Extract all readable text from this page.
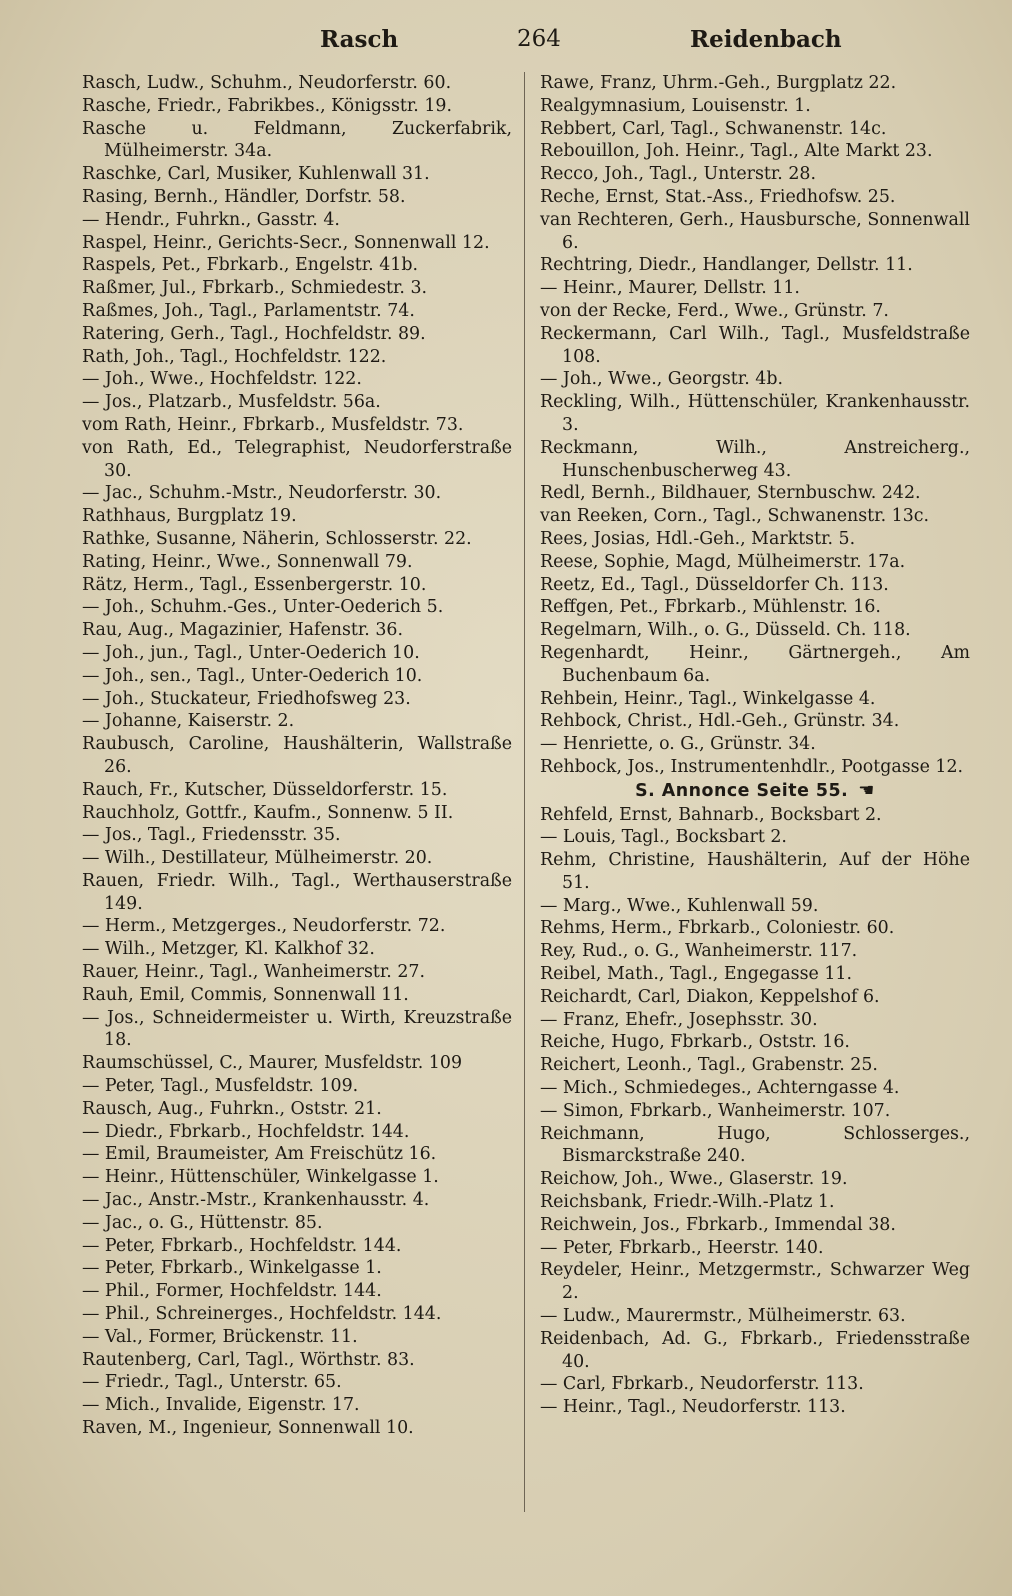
Rasch	264	Reidenbach

Rasch, Ludw., Schuhm., Neudorferstr. 60.

Rasche, Friedr., Fabrikbes., Königsstr. 19.

Rasche u. Feldmann, Zuckerfabrik, Mülheimerstr. 34a.

Raschke, Carl, Musiker, Kuhlenwall 31.

Rasing, Bernh., Händler, Dorfstr. 58.

— Hendr., Fuhrkn., Gasstr. 4.

Raspel, Heinr., Gerichts-Secr., Sonnenwall 12.

Raspels, Pet., Fbrkarb., Engelstr. 41b.

Raßmer, Jul., Fbrkarb., Schmiedestr. 3.

Raßmes, Joh., Tagl., Parlamentstr. 74.

Ratering, Gerh., Tagl., Hochfeldstr. 89.

Rath, Joh., Tagl., Hochfeldstr. 122.

— Joh., Wwe., Hochfeldstr. 122.

— Jos., Platzarb., Musfeldstr. 56a.

vom Rath, Heinr., Fbrkarb., Musfeldstr. 73.

von Rath, Ed., Telegraphist, Neudorferstraße 30.

— Jac., Schuhm.-Mstr., Neudorferstr. 30.

Rathhaus, Burgplatz 19.

Rathke, Susanne, Näherin, Schlosserstr. 22.

Rating, Heinr., Wwe., Sonnenwall 79.

Rätz, Herm., Tagl., Essenbergerstr. 10.

— Joh., Schuhm.-Ges., Unter-Oederich 5.

Rau, Aug., Magazinier, Hafenstr. 36.

— Joh., jun., Tagl., Unter-Oederich 10.

— Joh., sen., Tagl., Unter-Oederich 10.

— Joh., Stuckateur, Friedhofsweg 23.

— Johanne, Kaiserstr. 2.

Raubusch, Caroline, Haushälterin, Wallstraße 26.

Rauch, Fr., Kutscher, Düsseldorferstr. 15.

Rauchholz, Gottfr., Kaufm., Sonnenw. 5 II.

— Jos., Tagl., Friedensstr. 35.

— Wilh., Destillateur, Mülheimerstr. 20.

Rauen, Friedr. Wilh., Tagl., Werthauserstraße 149.

— Herm., Metzgerges., Neudorferstr. 72.

— Wilh., Metzger, Kl. Kalkhof 32.

Rauer, Heinr., Tagl., Wanheimerstr. 27.

Rauh, Emil, Commis, Sonnenwall 11.

— Jos., Schneidermeister u. Wirth, Kreuzstraße 18.

Raumschüssel, C., Maurer, Musfeldstr. 109

— Peter, Tagl., Musfeldstr. 109.

Rausch, Aug., Fuhrkn., Oststr. 21.

— Diedr., Fbrkarb., Hochfeldstr. 144.

— Emil, Braumeister, Am Freischütz 16.

— Heinr., Hüttenschüler, Winkelgasse 1.

— Jac., Anstr.-Mstr., Krankenhausstr. 4.

— Jac., o. G., Hüttenstr. 85.

— Peter, Fbrkarb., Hochfeldstr. 144.

— Peter, Fbrkarb., Winkelgasse 1.

— Phil., Former, Hochfeldstr. 144.

— Phil., Schreinerges., Hochfeldstr. 144.

— Val., Former, Brückenstr. 11.

Rautenberg, Carl, Tagl., Wörthstr. 83.

— Friedr., Tagl., Unterstr. 65.

— Mich., Invalide, Eigenstr. 17.

Raven, M., Ingenieur, Sonnenwall 10.

Rawe, Franz, Uhrm.-Geh., Burgplatz 22.

Realgymnasium, Louisenstr. 1.

Rebbert, Carl, Tagl., Schwanenstr. 14c.

Rebouillon, Joh. Heinr., Tagl., Alte Markt 23.

Recco, Joh., Tagl., Unterstr. 28.

Reche, Ernst, Stat.-Ass., Friedhofsw. 25.

van Rechteren, Gerh., Hausbursche, Sonnenwall 6.

Rechtring, Diedr., Handlanger, Dellstr. 11.

— Heinr., Maurer, Dellstr. 11.

von der Recke, Ferd., Wwe., Grünstr. 7.

Reckermann, Carl Wilh., Tagl., Musfeldstraße 108.

— Joh., Wwe., Georgstr. 4b.

Reckling, Wilh., Hüttenschüler, Krankenhausstr. 3.

Reckmann, Wilh., Anstreicherg., Hunschenbuscherweg 43.

Redl, Bernh., Bildhauer, Sternbuschw. 242.

van Reeken, Corn., Tagl., Schwanenstr. 13c.

Rees, Josias, Hdl.-Geh., Marktstr. 5.

Reese, Sophie, Magd, Mülheimerstr. 17a.

Reetz, Ed., Tagl., Düsseldorfer Ch. 113.

Reffgen, Pet., Fbrkarb., Mühlenstr. 16.

Regelmarn, Wilh., o. G., Düsseld. Ch. 118.

Regenhardt, Heinr., Gärtnergeh., Am Buchenbaum 6a.

Rehbein, Heinr., Tagl., Winkelgasse 4.

Rehbock, Christ., Hdl.-Geh., Grünstr. 34.

— Henriette, o. G., Grünstr. 34.

Rehbock, Jos., Instrumentenhdlr., Pootgasse 12.

S. Annonce Seite 55. ☚

Rehfeld, Ernst, Bahnarb., Bocksbart 2.

— Louis, Tagl., Bocksbart 2.

Rehm, Christine, Haushälterin, Auf der Höhe 51.

— Marg., Wwe., Kuhlenwall 59.

Rehms, Herm., Fbrkarb., Coloniestr. 60.

Rey, Rud., o. G., Wanheimerstr. 117.

Reibel, Math., Tagl., Engegasse 11.

Reichardt, Carl, Diakon, Keppelshof 6.

— Franz, Ehefr., Josephsstr. 30.

Reiche, Hugo, Fbrkarb., Oststr. 16.

Reichert, Leonh., Tagl., Grabenstr. 25.

— Mich., Schmiedeges., Achterngasse 4.

— Simon, Fbrkarb., Wanheimerstr. 107.

Reichmann, Hugo, Schlosserges., Bismarckstraße 240.

Reichow, Joh., Wwe., Glaserstr. 19.

Reichsbank, Friedr.-Wilh.-Platz 1.

Reichwein, Jos., Fbrkarb., Immendal 38.

— Peter, Fbrkarb., Heerstr. 140.

Reydeler, Heinr., Metzgermstr., Schwarzer Weg 2.

— Ludw., Maurermstr., Mülheimerstr. 63.

Reidenbach, Ad. G., Fbrkarb., Friedensstraße 40.

— Carl, Fbrkarb., Neudorferstr. 113.

— Heinr., Tagl., Neudorferstr. 113.
